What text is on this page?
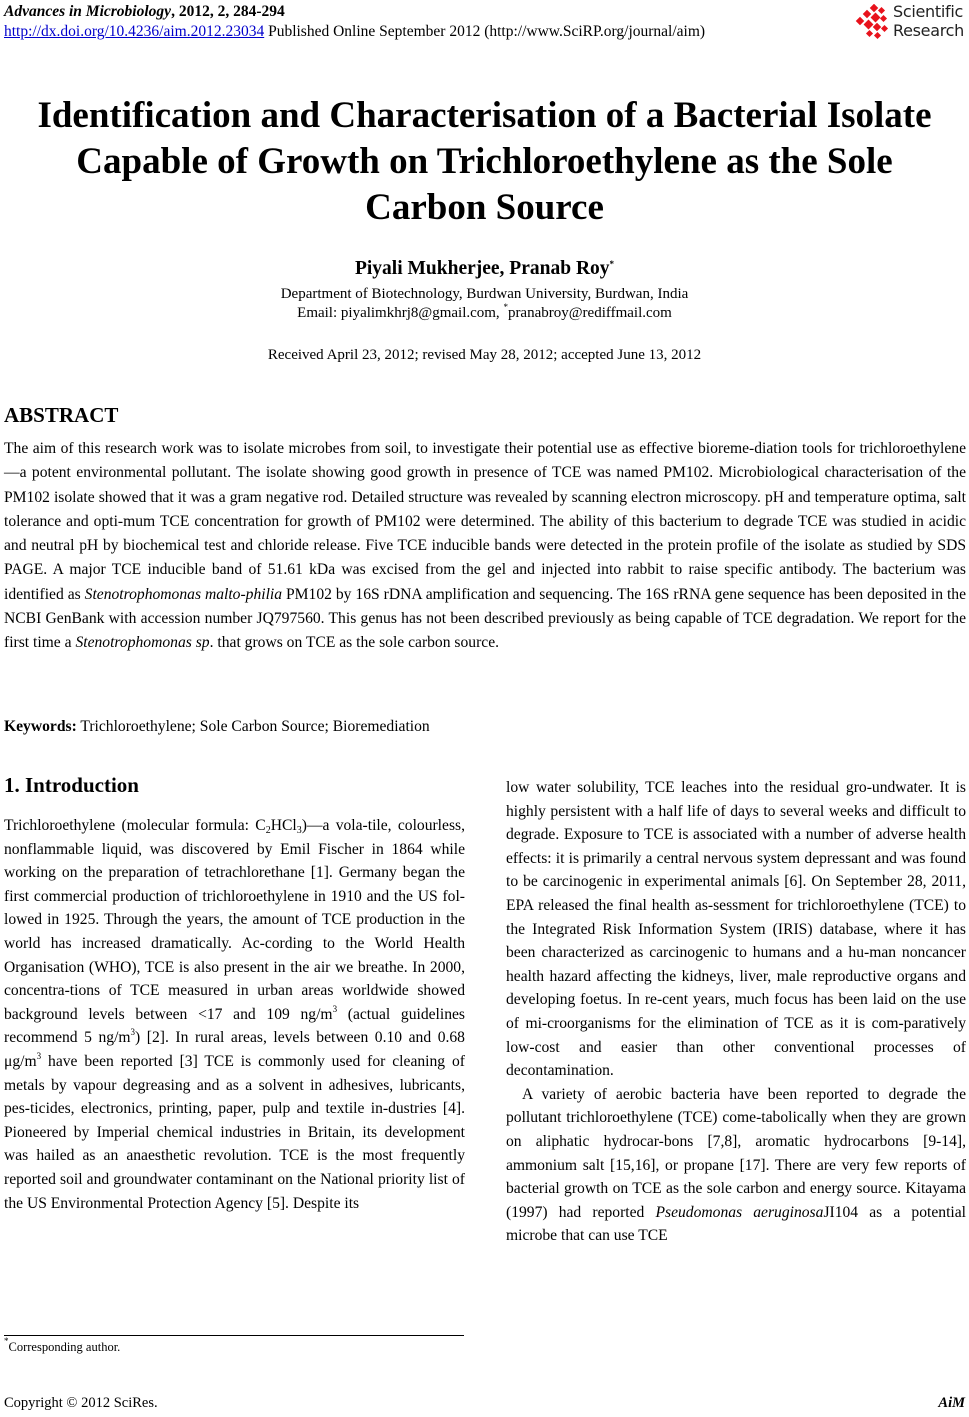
Advances in Microbiology, 2012, 2, 284-294
http://dx.doi.org/10.4236/aim.2012.23034 Published Online September 2012 (http://www.SciRP.org/journal/aim)
Scientific
Research
Identification and Characterisation of a Bacterial Isolate
Capable of Growth on Trichloroethylene as the Sole
Carbon Source
Piyali Mukherjee, Pranab Roy*
Department of Biotechnology, Burdwan University, Burdwan, India
Email: piyalimkhrj8@gmail.com, *pranabroy@rediffmail.com
Received April 23, 2012; revised May 28, 2012; accepted June 13, 2012
ABSTRACT
The aim of this research work was to isolate microbes from soil, to investigate their potential use as effective bioreme-diation tools for trichloroethylene—a potent environmental pollutant. The isolate showing good growth in presence of TCE was named PM102. Microbiological characterisation of the PM102 isolate showed that it was a gram negative rod. Detailed structure was revealed by scanning electron microscopy. pH and temperature optima, salt tolerance and opti-mum TCE concentration for growth of PM102 were determined. The ability of this bacterium to degrade TCE was studied in acidic and neutral pH by biochemical test and chloride release. Five TCE inducible bands were detected in the protein profile of the isolate as studied by SDS PAGE. A major TCE inducible band of 51.61 kDa was excised from the gel and injected into rabbit to raise specific antibody. The bacterium was identified as Stenotrophomonas malto-philia PM102 by 16S rDNA amplification and sequencing. The 16S rRNA gene sequence has been deposited in the NCBI GenBank with accession number JQ797560. This genus has not been described previously as being capable of TCE degradation. We report for the first time a Stenotrophomonas sp. that grows on TCE as the sole carbon source.
Keywords: Trichloroethylene; Sole Carbon Source; Bioremediation
1. Introduction

Trichloroethylene (molecular formula: $C_2HCl_3)—a$ vola-tile, colourless, nonflammable liquid, was discovered by Emil Fischer in 1864 while working on the preparation of tetrachlorethane [1]. Germany began the first commercial production of trichloroethylene in 1910 and the US fol-lowed in 1925. Through the years, the amount of TCE production in the world has increased dramatically. Ac-cording to the World Health Organisation (WHO), TCE is also present in the air we breathe. In 2000, concentra-tions of TCE measured in urban areas worldwide showed background levels between <17 and 109 $ng/m^3$ (actual guidelines recommend 5 $ng/m^3$) [2]. In rural areas, levels between 0.10 and 0.68 $\mu g/m^3$ have been reported [3] TCE is commonly used for cleaning of metals by vapour degreasing and as a solvent in adhesives, lubricants, pes-ticides, electronics, printing, paper, pulp and textile in-dustries [4]. Pioneered by Imperial chemical industries in Britain, its development was hailed as an anaesthetic revolution. TCE is the most frequently reported soil and groundwater contaminant on the National priority list of the US Environmental Protection Agency [5]. Despite its

low water solubility, TCE leaches into the residual gro-undwater. It is highly persistent with a half life of days to several weeks and difficult to degrade. Exposure to TCE is associated with a number of adverse health effects: it is primarily a central nervous system depressant and was found to be carcinogenic in experimental animals [6]. On September 28, 2011, EPA released the final health as-sessment for trichloroethylene (TCE) to the Integrated Risk Information System (IRIS) database, where it has been characterized as carcinogenic to humans and a hu-man noncancer health hazard affecting the kidneys, liver, male reproductive organs and developing foetus. In re-cent years, much focus has been laid on the use of mi-croorganisms for the elimination of TCE as it is com-paratively low-cost and easier than other conventional processes of decontamination.

A variety of aerobic bacteria have been reported to degrade the pollutant trichloroethylene (TCE) come-tabolically when they are grown on aliphatic hydrocar-bons [7,8], aromatic hydrocarbons [9-14], ammonium salt [15,16], or propane [17]. There are very few reports of bacterial growth on TCE as the sole carbon and energy source. Kitayama (1997) had reported Pseudomonas aeruginosaJI104 as a potential microbe that can use TCE

*Corresponding author.
Copyright © 2012 SciRes.	AiM
